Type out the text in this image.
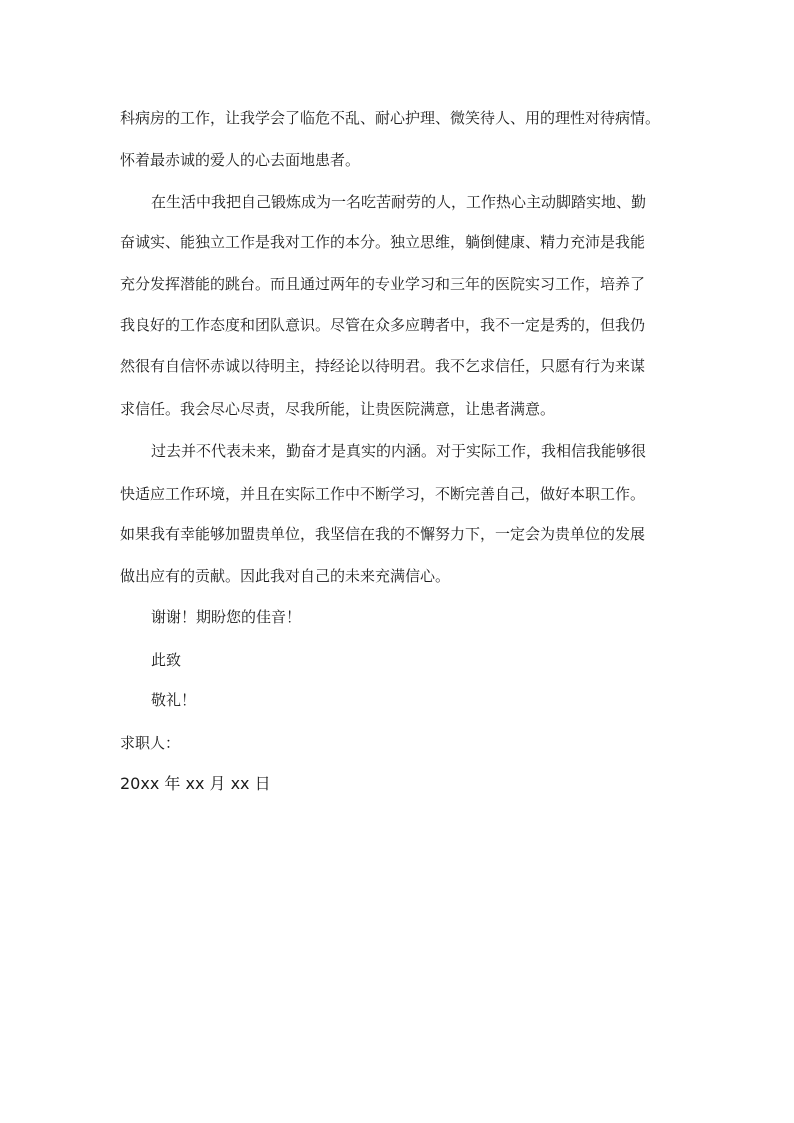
科病房的工作，让我学会了临危不乱、耐心护理、微笑待人、用的理性对待病情。
怀着最赤诚的爱人的心去面地患者。
在生活中我把自己锻炼成为一名吃苦耐劳的人，工作热心主动脚踏实地、勤
奋诚实、能独立工作是我对工作的本分。独立思维，躺倒健康、精力充沛是我能
充分发挥潜能的跳台。而且通过两年的专业学习和三年的医院实习工作，培养了
我良好的工作态度和团队意识。尽管在众多应聘者中，我不一定是秀的，但我仍
然很有自信怀赤诚以待明主，持经论以待明君。我不乞求信任，只愿有行为来谋
求信任。我会尽心尽责，尽我所能，让贵医院满意，让患者满意。
过去并不代表未来，勤奋才是真实的内涵。对于实际工作，我相信我能够很
快适应工作环境，并且在实际工作中不断学习，不断完善自己，做好本职工作。
如果我有幸能够加盟贵单位，我坚信在我的不懈努力下，一定会为贵单位的发展
做出应有的贡献。因此我对自己的未来充满信心。
谢谢！期盼您的佳音！
此致
敬礼！
求职人：
20xx 年 xx 月 xx 日
